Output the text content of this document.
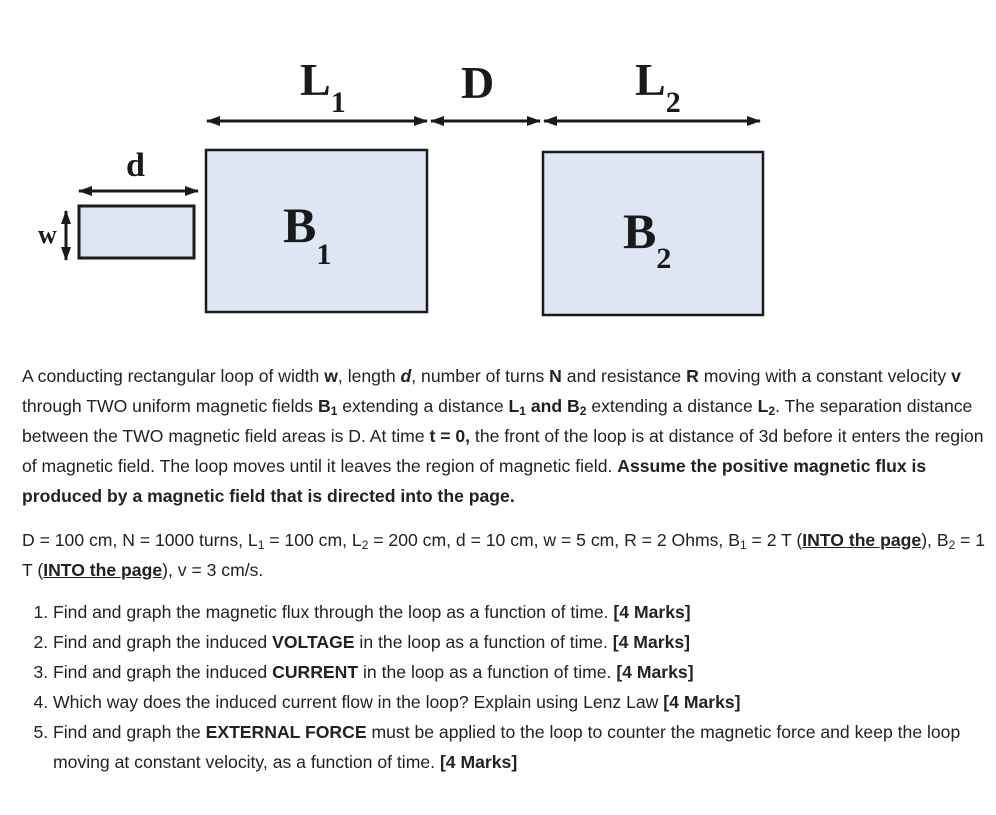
$L_1$	D	$L_2$
d
w	$B_1$	$B_2$

A conducting rectangular loop of width w, length d, number of turns N and resistance R moving with a constant velocity v through TWO uniform magnetic fields $B_1$ extending a distance $L_1$ and $B_2$ extending a distance $L_2$. The separation distance between the TWO magnetic field areas is D. At time t = 0, the front of the loop is at distance of 3d before it enters the region of magnetic field. The loop moves until it leaves the region of magnetic field. Assume the positive magnetic flux is produced by a magnetic field that is directed into the page.

D = 100 cm, N = 1000 turns, $L_1 = 100$ cm, $L_2 = 200$ cm, d = 10 cm, w = 5 cm, R = 2 Ohms, $B_1 = 2$ T (INTO the page), $B_2 = 1$ T (INTO the page), v = 3 cm/s.

1. Find and graph the magnetic flux through the loop as a function of time. [4 Marks]
2. Find and graph the induced VOLTAGE in the loop as a function of time. [4 Marks]
3. Find and graph the induced CURRENT in the loop as a function of time. [4 Marks]
4. Which way does the induced current flow in the loop? Explain using Lenz Law [4 Marks]
5. Find and graph the EXTERNAL FORCE must be applied to the loop to counter the magnetic force and keep the loop moving at constant velocity, as a function of time. [4 Marks]
